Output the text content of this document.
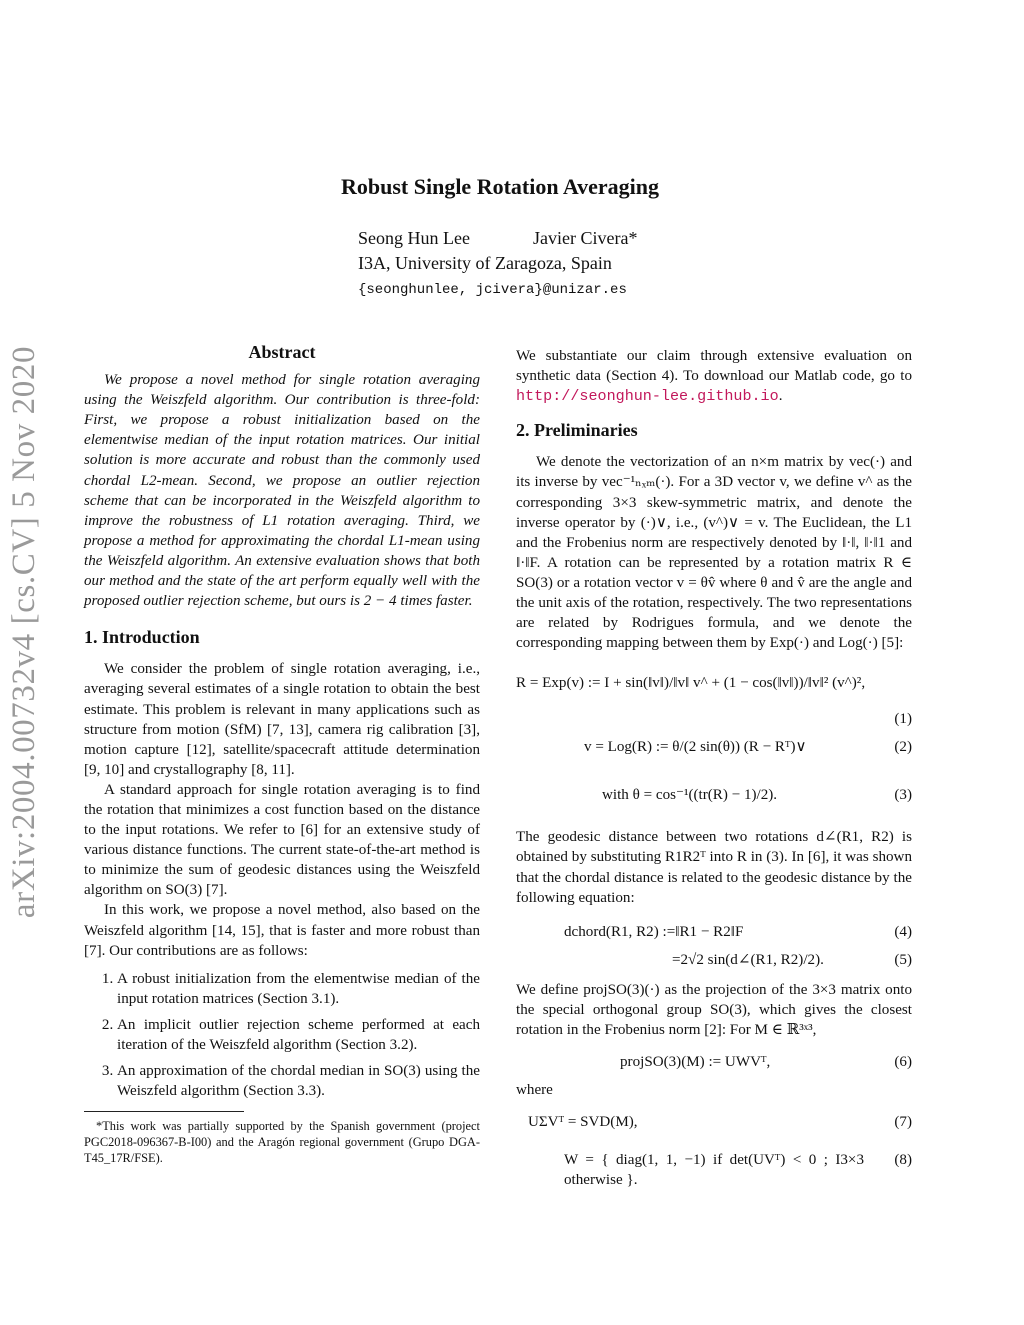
arXiv:2004.00732v4 [cs.CV] 5 Nov 2020
Robust Single Rotation Averaging
Seong Hun Lee	Javier Civera*
I3A, University of Zaragoza, Spain
{seonghunlee, jcivera}@unizar.es
Abstract

We propose a novel method for single rotation averaging using the Weiszfeld algorithm. Our contribution is three-fold: First, we propose a robust initialization based on the elementwise median of the input rotation matrices. Our initial solution is more accurate and robust than the commonly used chordal L2-mean. Second, we propose an outlier rejection scheme that can be incorporated in the Weiszfeld algorithm to improve the robustness of L1 rotation averaging. Third, we propose a method for approximating the chordal L1-mean using the Weiszfeld algorithm. An extensive evaluation shows that both our method and the state of the art perform equally well with the proposed outlier rejection scheme, but ours is 2 − 4 times faster.

1. Introduction

We consider the problem of single rotation averaging, i.e., averaging several estimates of a single rotation to obtain the best estimate. This problem is relevant in many applications such as structure from motion (SfM) [7, 13], camera rig calibration [3], motion capture [12], satellite/spacecraft attitude determination [9, 10] and crystallography [8, 11].

A standard approach for single rotation averaging is to find the rotation that minimizes a cost function based on the distance to the input rotations. We refer to [6] for an extensive study of various distance functions. The current state-of-the-art method is to minimize the sum of geodesic distances using the Weiszfeld algorithm on SO(3) [7].

In this work, we propose a novel method, also based on the Weiszfeld algorithm [14, 15], that is faster and more robust than [7]. Our contributions are as follows:

1. A robust initialization from the elementwise median of the input rotation matrices (Section 3.1).
2. An implicit outlier rejection scheme performed at each iteration of the Weiszfeld algorithm (Section 3.2).
3. An approximation of the chordal median in SO(3) using the Weiszfeld algorithm (Section 3.3).

*This work was partially supported by the Spanish government (project PGC2018-096367-B-I00) and the Aragón regional government (Grupo DGA-T45_17R/FSE).

We substantiate our claim through extensive evaluation on synthetic data (Section 4). To download our Matlab code, go to http://seonghun-lee.github.io.

2. Preliminaries

We denote the vectorization of an n×m matrix by vec(·) and its inverse by vec⁻¹ₙₓₘ(·). For a 3D vector v, we define v^ as the corresponding 3×3 skew-symmetric matrix, and denote the inverse operator by (·)∨, i.e., (v^)∨ = v. The Euclidean, the L1 and the Frobenius norm are respectively denoted by ‖·‖, ‖·‖1 and ‖·‖F. A rotation can be represented by a rotation matrix R ∈ SO(3) or a rotation vector v = θv̂ where θ and v̂ are the angle and the unit axis of the rotation, respectively. The two representations are related by Rodrigues formula, and we denote the corresponding mapping between them by Exp(·) and Log(·) [5]:

R = Exp(v) := I + sin(‖v‖)/‖v‖ v^ + (1 − cos(‖v‖))/‖v‖² (v^)²,
(1)
v = Log(R) := θ/(2 sin(θ)) (R − Rᵀ)∨	(2)
with θ = cos⁻¹((tr(R) − 1)/2).	(3)

The geodesic distance between two rotations d∠(R1, R2) is obtained by substituting R1R2ᵀ into R in (3). In [6], it was shown that the chordal distance is related to the geodesic distance by the following equation:

dchord(R1, R2) :=‖R1 − R2‖F	(4)
=2√2 sin(d∠(R1, R2)/2).	(5)

We define projSO(3)(·) as the projection of the 3×3 matrix onto the special orthogonal group SO(3), which gives the closest rotation in the Frobenius norm [2]: For M ∈ ℝ³ˣ³,

projSO(3)(M) := UWVᵀ,	(6)

where

UΣVᵀ = SVD(M),	(7)
W = { diag(1, 1, −1) if det(UVᵀ) < 0 ; I3×3 otherwise }.
(8)
